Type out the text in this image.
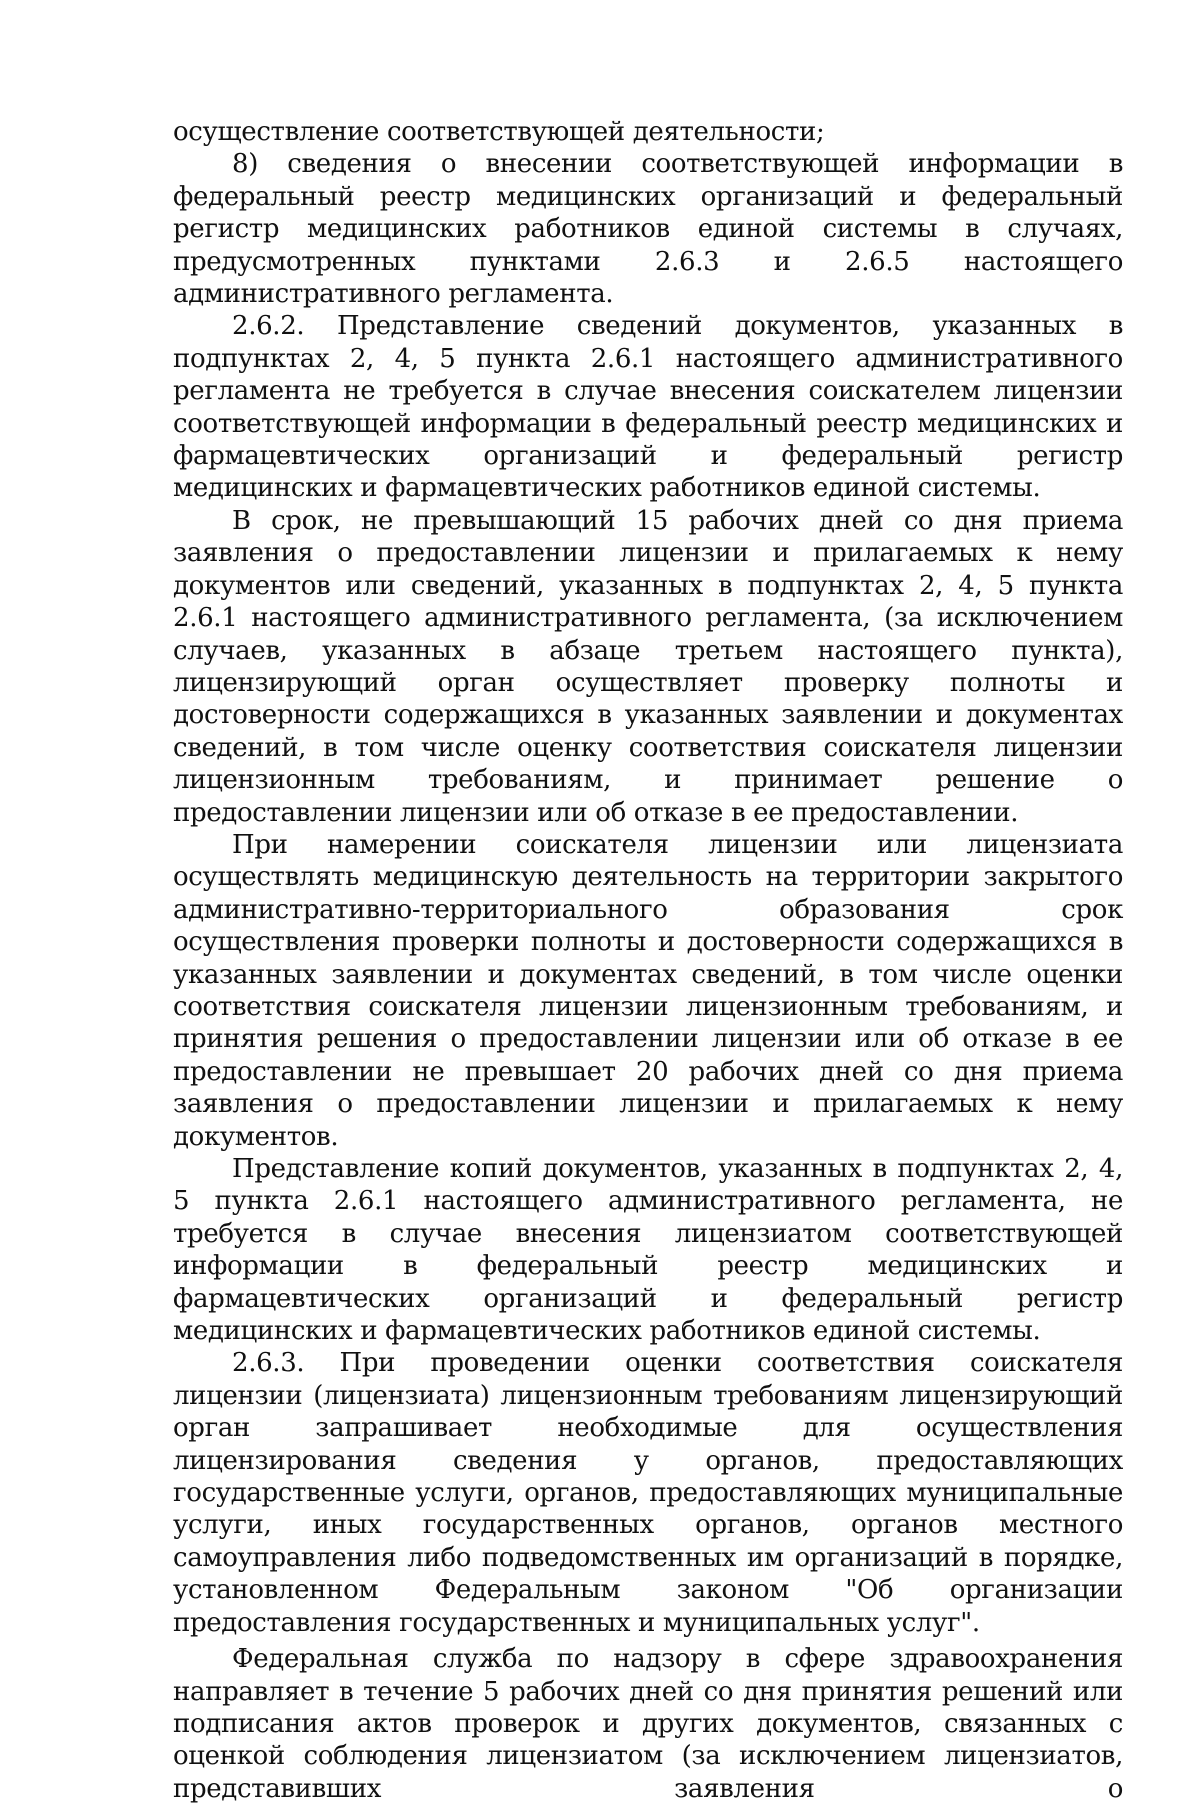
осуществление соответствующей деятельности;

8) сведения о внесении соответствующей информации в федеральный реестр медицинских организаций и федеральный регистр медицинских работников единой системы в случаях, предусмотренных пунктами 2.6.3 и 2.6.5 настоящего административного регламента.

2.6.2. Представление сведений документов, указанных в подпунктах 2, 4, 5 пункта 2.6.1 настоящего административного регламента не требуется в случае внесения соискателем лицензии соответствующей информации в федеральный реестр медицинских и фармацевтических организаций и федеральный регистр медицинских и фармацевтических работников единой системы.

В срок, не превышающий 15 рабочих дней со дня приема заявления о предоставлении лицензии и прилагаемых к нему документов или сведений, указанных в подпунктах 2, 4, 5 пункта 2.6.1 настоящего административного регламента, (за исключением случаев, указанных в абзаце третьем настоящего пункта), лицензирующий орган осуществляет проверку полноты и достоверности содержащихся в указанных заявлении и документах сведений, в том числе оценку соответствия соискателя лицензии лицензионным требованиям, и принимает решение о предоставлении лицензии или об отказе в ее предоставлении.

При намерении соискателя лицензии или лицензиата осуществлять медицинскую деятельность на территории закрытого административно-территориального образования срок осуществления проверки полноты и достоверности содержащихся в указанных заявлении и документах сведений, в том числе оценки соответствия соискателя лицензии лицензионным требованиям, и принятия решения о предоставлении лицензии или об отказе в ее предоставлении не превышает 20 рабочих дней со дня приема заявления о предоставлении лицензии и прилагаемых к нему документов.

Представление копий документов, указанных в подпунктах 2, 4, 5 пункта 2.6.1 настоящего административного регламента, не требуется в случае внесения лицензиатом соответствующей информации в федеральный реестр медицинских и фармацевтических организаций и федеральный регистр медицинских и фармацевтических работников единой системы.

2.6.3. При проведении оценки соответствия соискателя лицензии (лицензиата) лицензионным требованиям лицензирующий орган запрашивает необходимые для осуществления лицензирования сведения у органов, предоставляющих государственные услуги, органов, предоставляющих муниципальные услуги, иных государственных органов, органов местного самоуправления либо подведомственных им организаций в порядке, установленном Федеральным законом "Об организации предоставления государственных и муниципальных услуг".

Федеральная служба по надзору в сфере здравоохранения направляет в течение 5 рабочих дней со дня принятия решений или подписания актов проверок и других документов, связанных с оценкой соблюдения лицензиатом (за исключением лицензиатов, представивших заявления о
